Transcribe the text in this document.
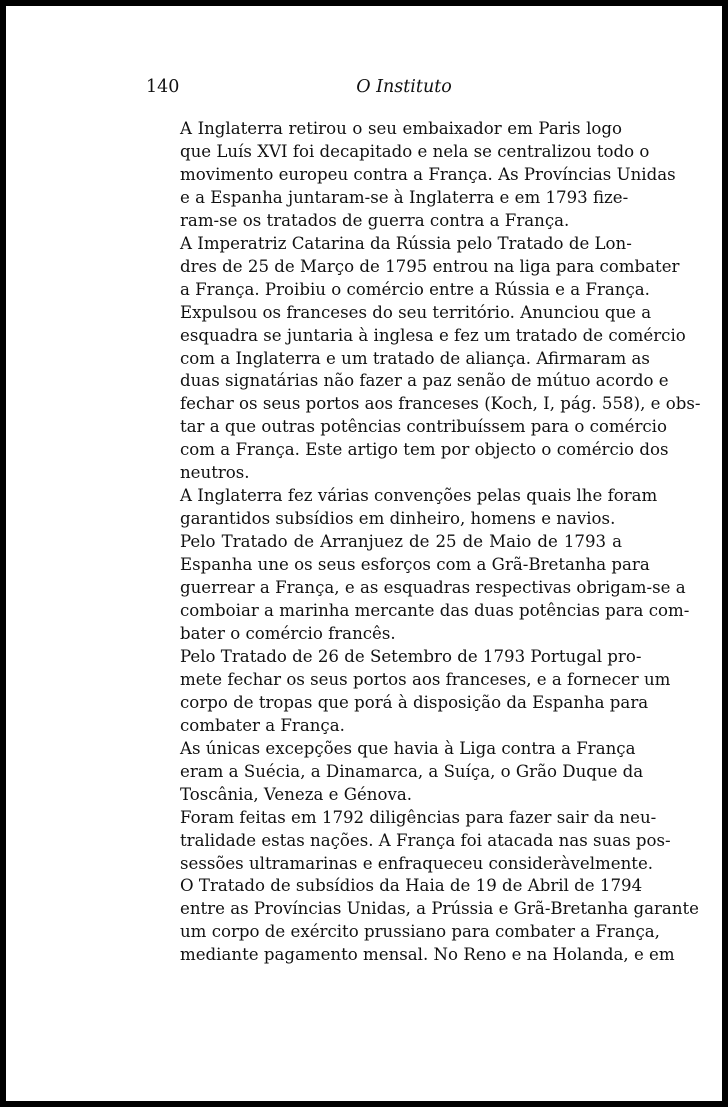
140	O Instituto

A Inglaterra retirou o seu embaixador em Paris logo
que Luís XVI foi decapitado e nela se centralizou todo o
movimento europeu contra a França. As Províncias Unidas
e a Espanha juntaram-se à Inglaterra e em 1793 fize-
ram-se os tratados de guerra contra a França.

A Imperatriz Catarina da Rússia pelo Tratado de Lon-
dres de 25 de Março de 1795 entrou na liga para combater
a França. Proibiu o comércio entre a Rússia e a França.
Expulsou os franceses do seu território. Anunciou que a
esquadra se juntaria à inglesa e fez um tratado de comércio
com a Inglaterra e um tratado de aliança. Afirmaram as
duas signatárias não fazer a paz senão de mútuo acordo e
fechar os seus portos aos franceses (Koch, I, pág. 558), e obs-
tar a que outras potências contribuíssem para o comércio
com a França. Este artigo tem por objecto o comércio dos
neutros.

A Inglaterra fez várias convenções pelas quais lhe foram
garantidos subsídios em dinheiro, homens e navios.

Pelo Tratado de Arranjuez de 25 de Maio de 1793 a
Espanha une os seus esforços com a Grã-Bretanha para
guerrear a França, e as esquadras respectivas obrigam-se a
comboiar a marinha mercante das duas potências para com-
bater o comércio francês.

Pelo Tratado de 26 de Setembro de 1793 Portugal pro-
mete fechar os seus portos aos franceses, e a fornecer um
corpo de tropas que porá à disposição da Espanha para
combater a França.

As únicas excepções que havia à Liga contra a França
eram a Suécia, a Dinamarca, a Suíça, o Grão Duque da
Toscânia, Veneza e Génova.

Foram feitas em 1792 diligências para fazer sair da neu-
tralidade estas nações. A França foi atacada nas suas pos-
sessões ultramarinas e enfraqueceu consideràvelmente.

O Tratado de subsídios da Haia de 19 de Abril de 1794
entre as Províncias Unidas, a Prússia e Grã-Bretanha garante
um corpo de exército prussiano para combater a França,
mediante pagamento mensal. No Reno e na Holanda, e em
